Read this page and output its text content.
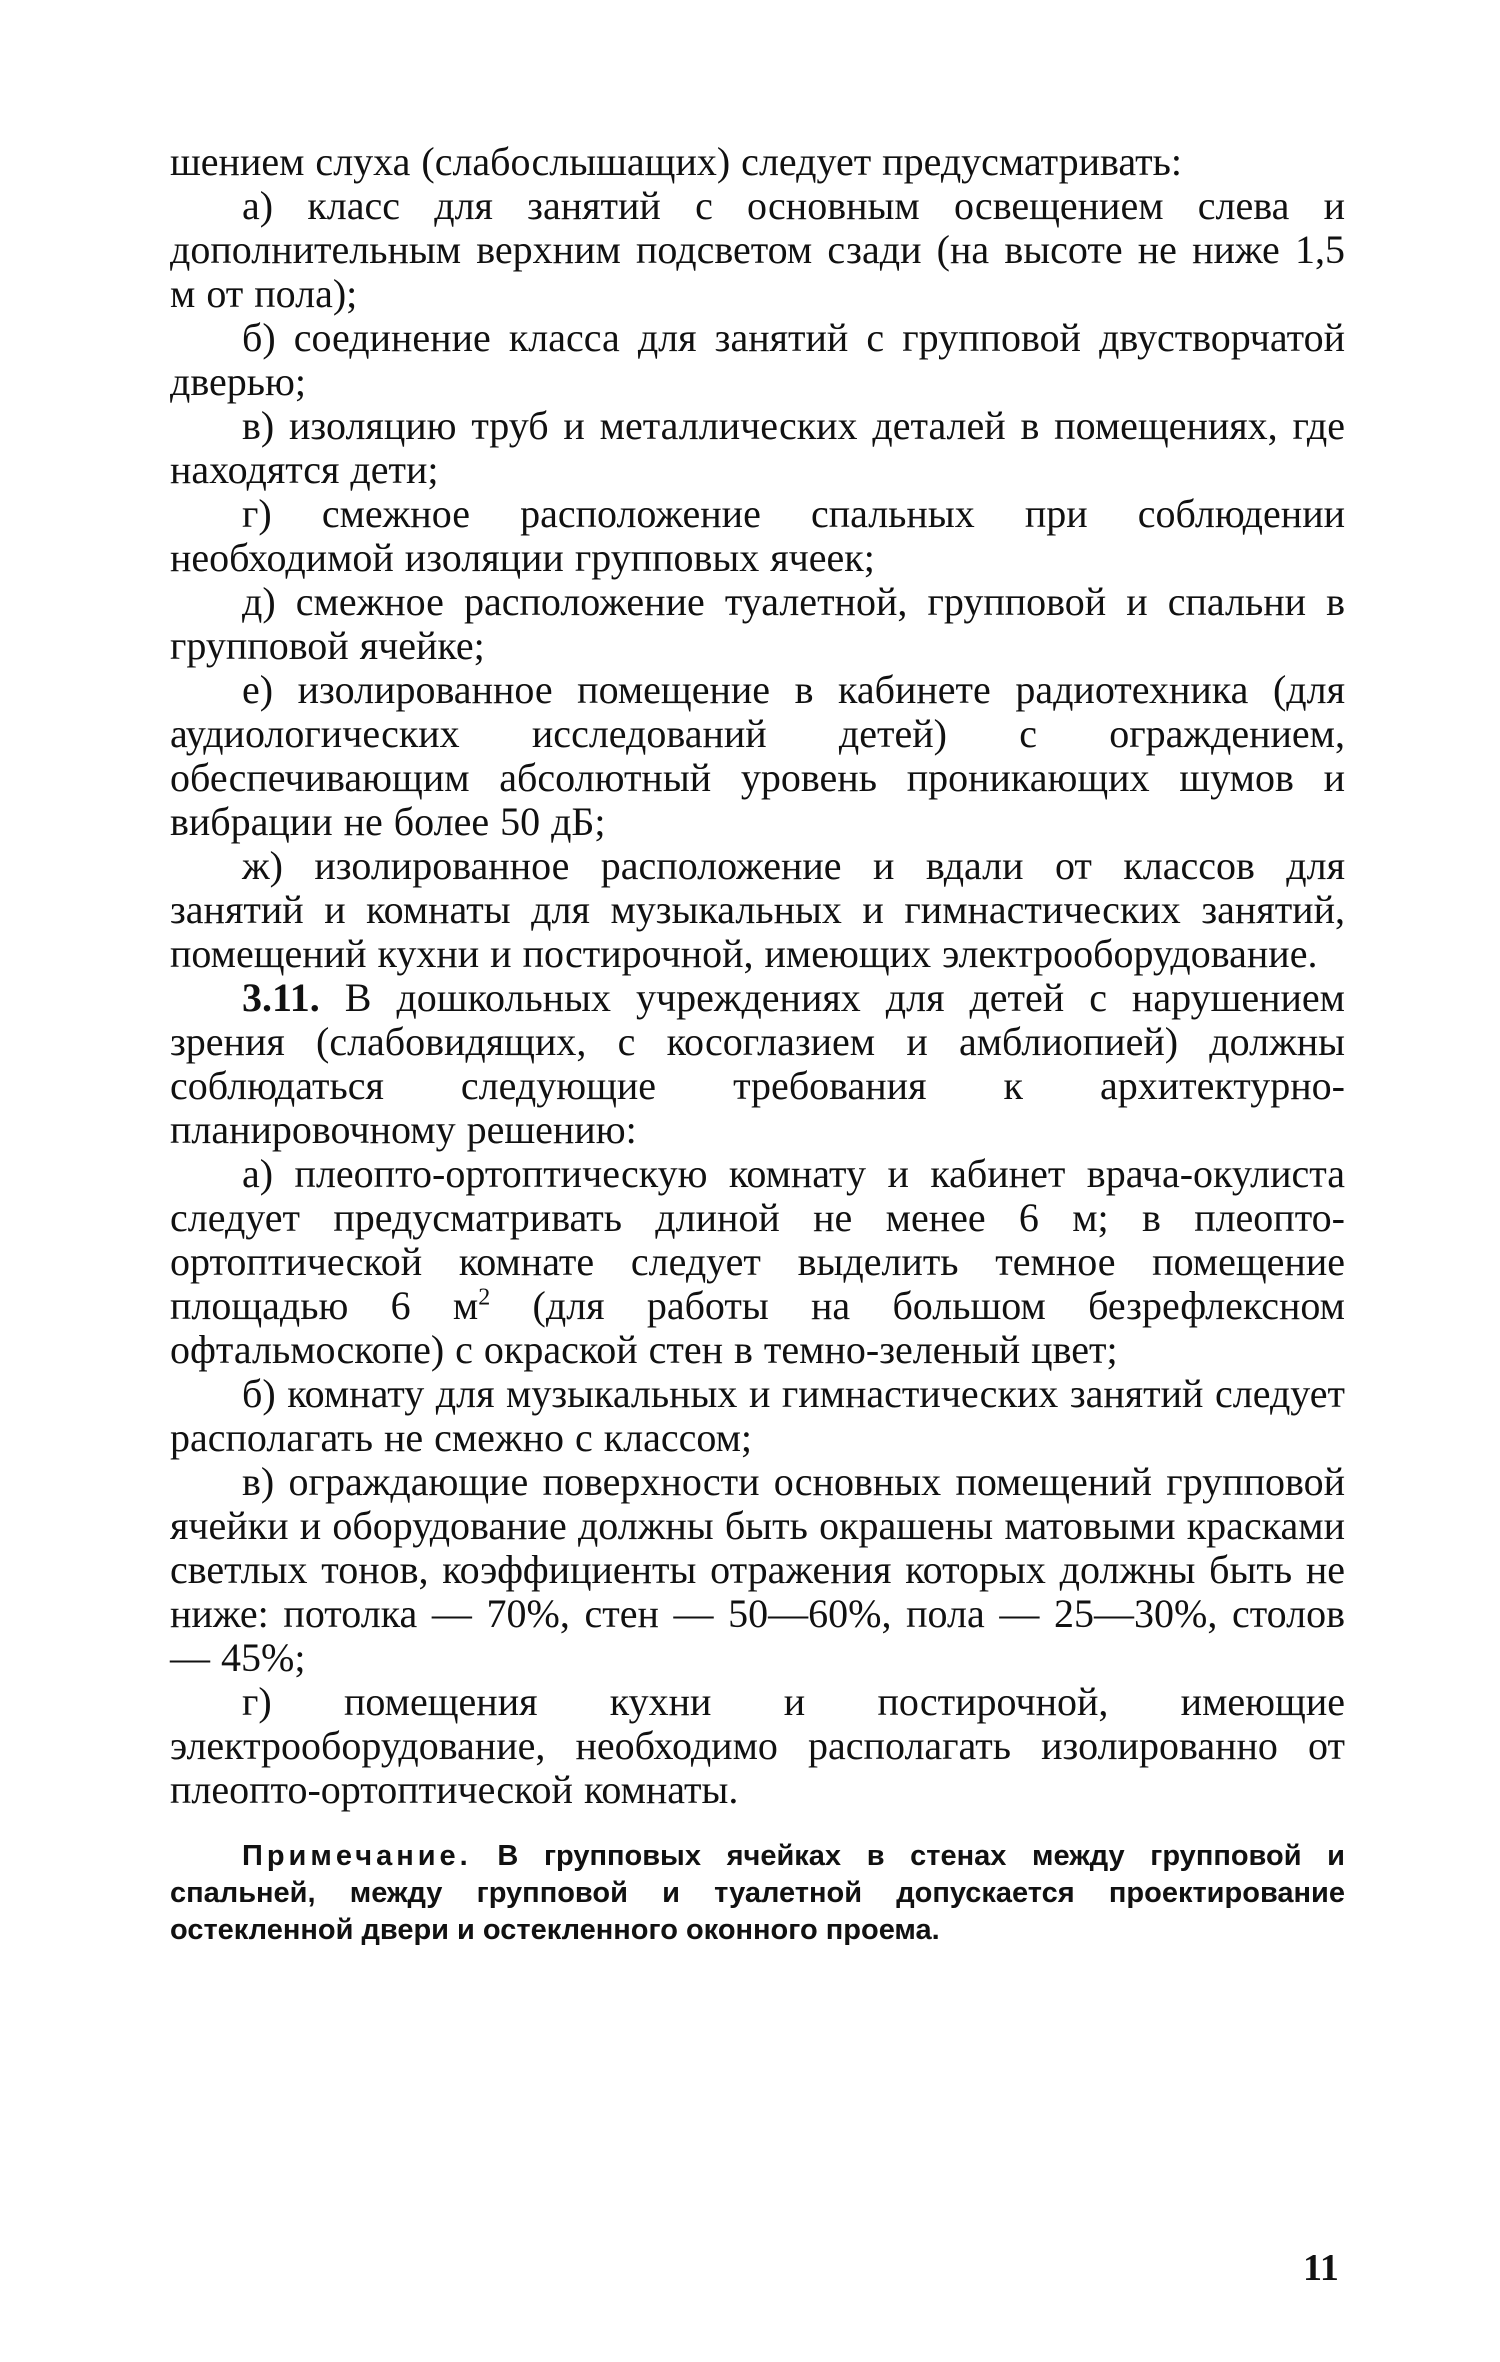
шением слуха (слабослышащих) следует предусматривать:

а) класс для занятий с основным освещением слева и дополнительным верхним подсветом сзади (на высоте не ниже 1,5 м от пола);

б) соединение класса для занятий с групповой двустворчатой дверью;

в) изоляцию труб и металлических деталей в помещениях, где находятся дети;

г) смежное расположение спальных при соблюдении необходимой изоляции групповых ячеек;

д) смежное расположение туалетной, групповой и спальни в групповой ячейке;

е) изолированное помещение в кабинете радиотехника (для аудиологических исследований детей) с ограждением, обеспечивающим абсолютный уровень проникающих шумов и вибрации не более 50 дБ;

ж) изолированное расположение и вдали от классов для занятий и комнаты для музыкальных и гимнастических занятий, помещений кухни и постирочной, имеющих электрооборудование.

3.11. В дошкольных учреждениях для детей с нарушением зрения (слабовидящих, с косоглазием и амблиопией) должны соблюдаться следующие требования к архитектурно-планировочному решению:

а) плеопто-ортоптическую комнату и кабинет врача-окулиста следует предусматривать длиной не менее 6 м; в плеопто-ортоптической комнате следует выделить темное помещение площадью 6 $м^2$ (для работы на большом безрефлексном офтальмоскопе) с окраской стен в темно-зеленый цвет;

б) комнату для музыкальных и гимнастических занятий следует располагать не смежно с классом;

в) ограждающие поверхности основных помещений групповой ячейки и оборудование должны быть окрашены матовыми красками светлых тонов, коэффициенты отражения которых должны быть не ниже: потолка — 70%, стен — 50—60%, пола — 25—30%, столов — 45%;

г) помещения кухни и постирочной, имеющие электрооборудование, необходимо располагать изолированно от плеопто-ортоптической комнаты.

Примечание. В групповых ячейках в стенах между групповой и спальней, между групповой и туалетной допускается проектирование остекленной двери и остекленного оконного проема.

11
